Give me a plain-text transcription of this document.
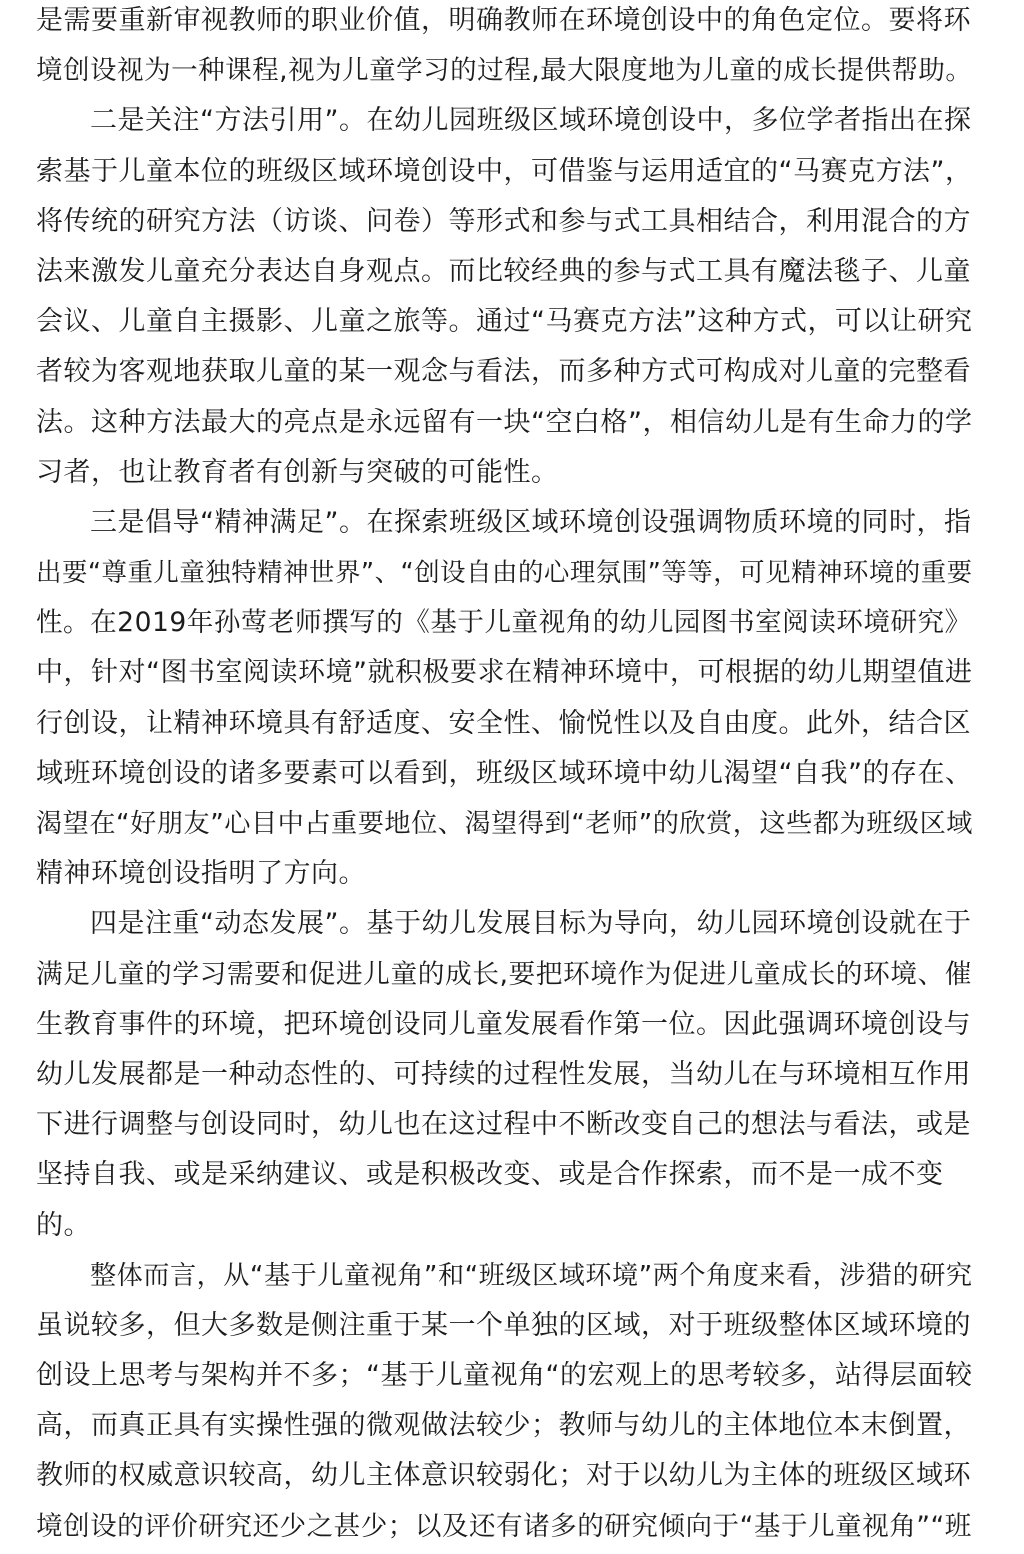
是需要重新审视教师的职业价值，明确教师在环境创设中的角色定位。要将环
境创设视为一种课程,视为儿童学习的过程,最大限度地为儿童的成长提供帮助。
二是关注“方法引用”。在幼儿园班级区域环境创设中，多位学者指出在探
索基于儿童本位的班级区域环境创设中，可借鉴与运用适宜的“马赛克方法”，
将传统的研究方法（访谈、问卷）等形式和参与式工具相结合，利用混合的方
法来激发儿童充分表达自身观点。而比较经典的参与式工具有魔法毯子、儿童
会议、儿童自主摄影、儿童之旅等。通过“马赛克方法”这种方式，可以让研究
者较为客观地获取儿童的某一观念与看法，而多种方式可构成对儿童的完整看
法。这种方法最大的亮点是永远留有一块“空白格”，相信幼儿是有生命力的学
习者，也让教育者有创新与突破的可能性。
三是倡导“精神满足”。在探索班级区域环境创设强调物质环境的同时，指
出要“尊重儿童独特精神世界”、“创设自由的心理氛围”等等，可见精神环境的重要
性。在2019年孙莺老师撰写的《基于儿童视角的幼儿园图书室阅读环境研究》
中，针对“图书室阅读环境”就积极要求在精神环境中，可根据的幼儿期望值进
行创设，让精神环境具有舒适度、安全性、愉悦性以及自由度。此外，结合区
域班环境创设的诸多要素可以看到，班级区域环境中幼儿渴望“自我”的存在、
渴望在“好朋友”心目中占重要地位、渴望得到“老师”的欣赏，这些都为班级区域
精神环境创设指明了方向。
四是注重“动态发展”。基于幼儿发展目标为导向，幼儿园环境创设就在于
满足儿童的学习需要和促进儿童的成长,要把环境作为促进儿童成长的环境、催
生教育事件的环境，把环境创设同儿童发展看作第一位。因此强调环境创设与
幼儿发展都是一种动态性的、可持续的过程性发展，当幼儿在与环境相互作用
下进行调整与创设同时，幼儿也在这过程中不断改变自己的想法与看法，或是
坚持自我、或是采纳建议、或是积极改变、或是合作探索，而不是一成不变
的。
整体而言，从“基于儿童视角”和“班级区域环境”两个角度来看，涉猎的研究
虽说较多，但大多数是侧注重于某一个单独的区域，对于班级整体区域环境的
创设上思考与架构并不多；“基于儿童视角“的宏观上的思考较多，站得层面较
高，而真正具有实操性强的微观做法较少；教师与幼儿的主体地位本末倒置，
教师的权威意识较高，幼儿主体意识较弱化；对于以幼儿为主体的班级区域环
境创设的评价研究还少之甚少；以及还有诸多的研究倾向于“基于儿童视角”“班
